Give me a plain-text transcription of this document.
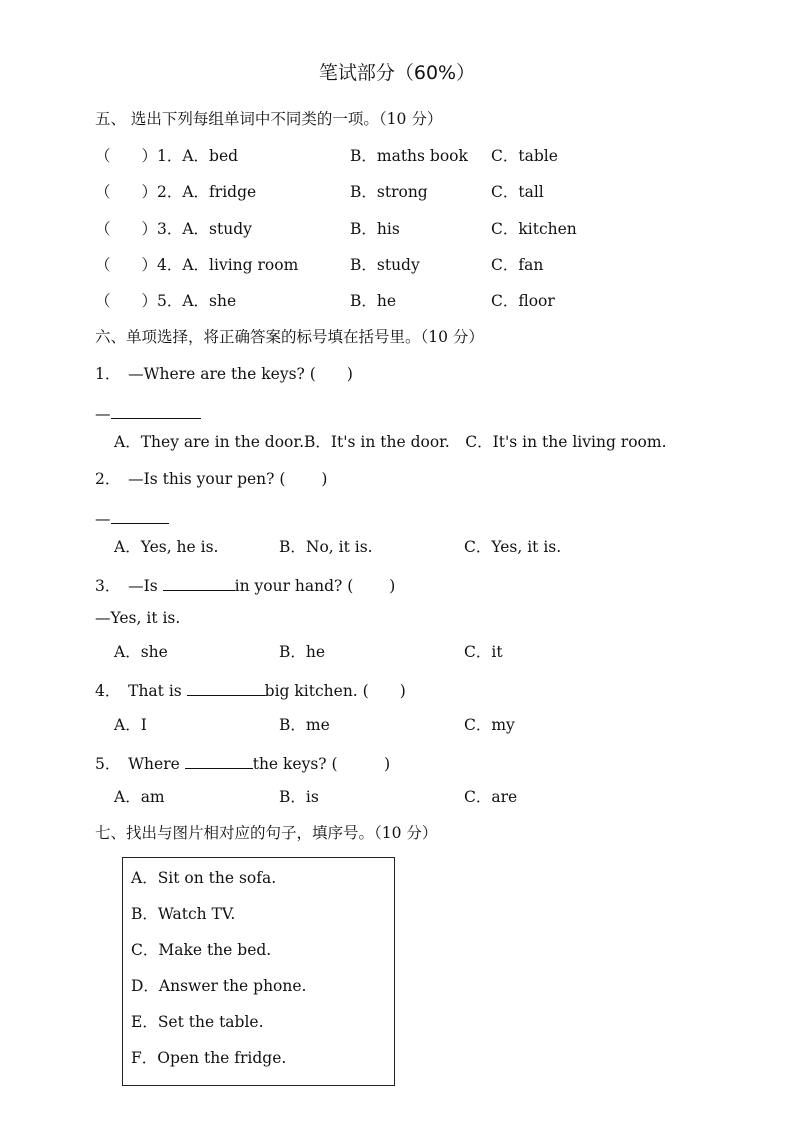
笔试部分（60%）
五、 选出下列每组单词中不同类的一项。（10 分）
（　　）1．A．bed	B．maths book C．table
（　　）2．A．fridge	B．strong	C．tall
（　　）3．A．study	B．his	C．kitchen
（　　）4．A．living room	B．study	C．fan
（　　）5．A．she	B．he	C．floor
六、单项选择，将正确答案的标号填在括号里。（10 分）
1．　—Where are the keys? (　　)
—
A．They are in the door.B．It's in the door.　C．It's in the living room.
2．　—Is this your pen? (　　 )
—
A．Yes, he is.	B．No, it is.	C．Yes, it is.
3．　—Is	in your hand? (　　 )
—Yes, it is.
A．she	B．he	C．it
4．　That is	big kitchen. (　　)
A．I	B．me	C．my
5．　Where	the keys? (　　　)
A．am	B．is	C．are
七、找出与图片相对应的句子，填序号。（10 分）
A．Sit on the sofa.
B．Watch TV.
C．Make the bed.
D．Answer the phone.
E．Set the table.
F．Open the fridge.
